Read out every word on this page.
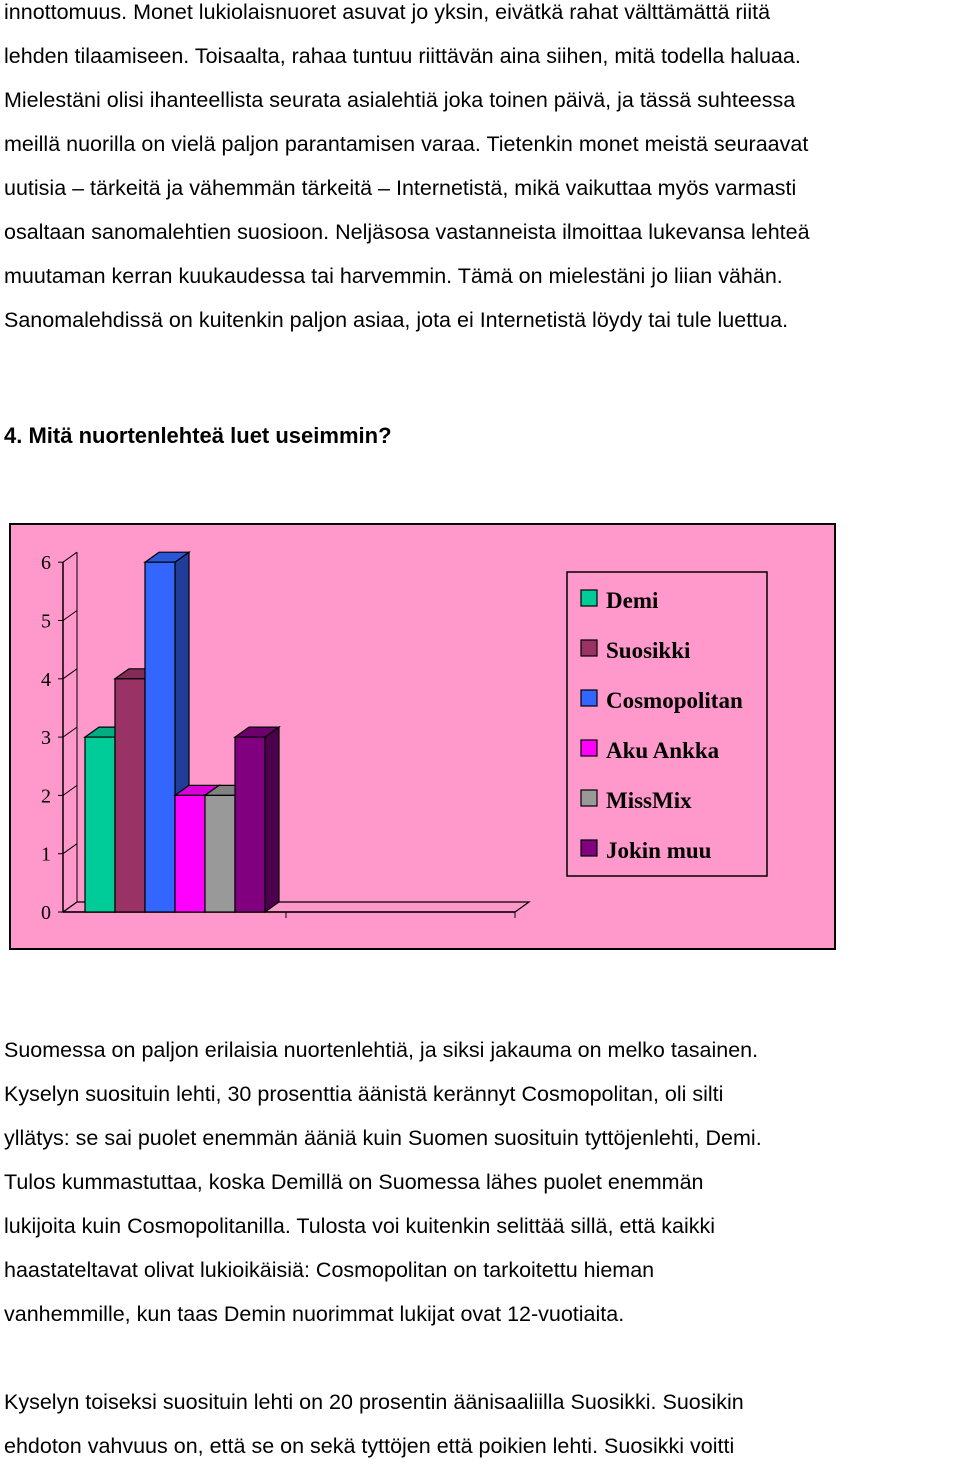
innottomuus. Monet lukiolaisnuoret asuvat jo yksin, eivätkä rahat välttämättä riitä
lehden tilaamiseen. Toisaalta, rahaa tuntuu riittävän aina siihen, mitä todella haluaa.
Mielestäni olisi ihanteellista seurata asialehtiä joka toinen päivä, ja tässä suhteessa
meillä nuorilla on vielä paljon parantamisen varaa. Tietenkin monet meistä seuraavat
uutisia – tärkeitä ja vähemmän tärkeitä – Internetistä, mikä vaikuttaa myös varmasti
osaltaan sanomalehtien suosioon. Neljäsosa vastanneista ilmoittaa lukevansa lehteä
muutaman kerran kuukaudessa tai harvemmin. Tämä on mielestäni jo liian vähän.
Sanomalehdissä on kuitenkin paljon asiaa, jota ei Internetistä löydy tai tule luettua.
4. Mitä nuortenlehteä luet useimmin?
0
1
2
3
4
5
6
Demi
Suosikki
Cosmopolitan
Aku Ankka
MissMix
Jokin muu
Suomessa on paljon erilaisia nuortenlehtiä, ja siksi jakauma on melko tasainen.
Kyselyn suosituin lehti, 30 prosenttia äänistä kerännyt Cosmopolitan, oli silti
yllätys: se sai puolet enemmän ääniä kuin Suomen suosituin tyttöjenlehti, Demi.
Tulos kummastuttaa, koska Demillä on Suomessa lähes puolet enemmän
lukijoita kuin Cosmopolitanilla. Tulosta voi kuitenkin selittää sillä, että kaikki
haastateltavat olivat lukioikäisiä: Cosmopolitan on tarkoitettu hieman
vanhemmille, kun taas Demin nuorimmat lukijat ovat 12-vuotiaita.
Kyselyn toiseksi suosituin lehti on 20 prosentin äänisaaliilla Suosikki. Suosikin
ehdoton vahvuus on, että se on sekä tyttöjen että poikien lehti. Suosikki voitti
